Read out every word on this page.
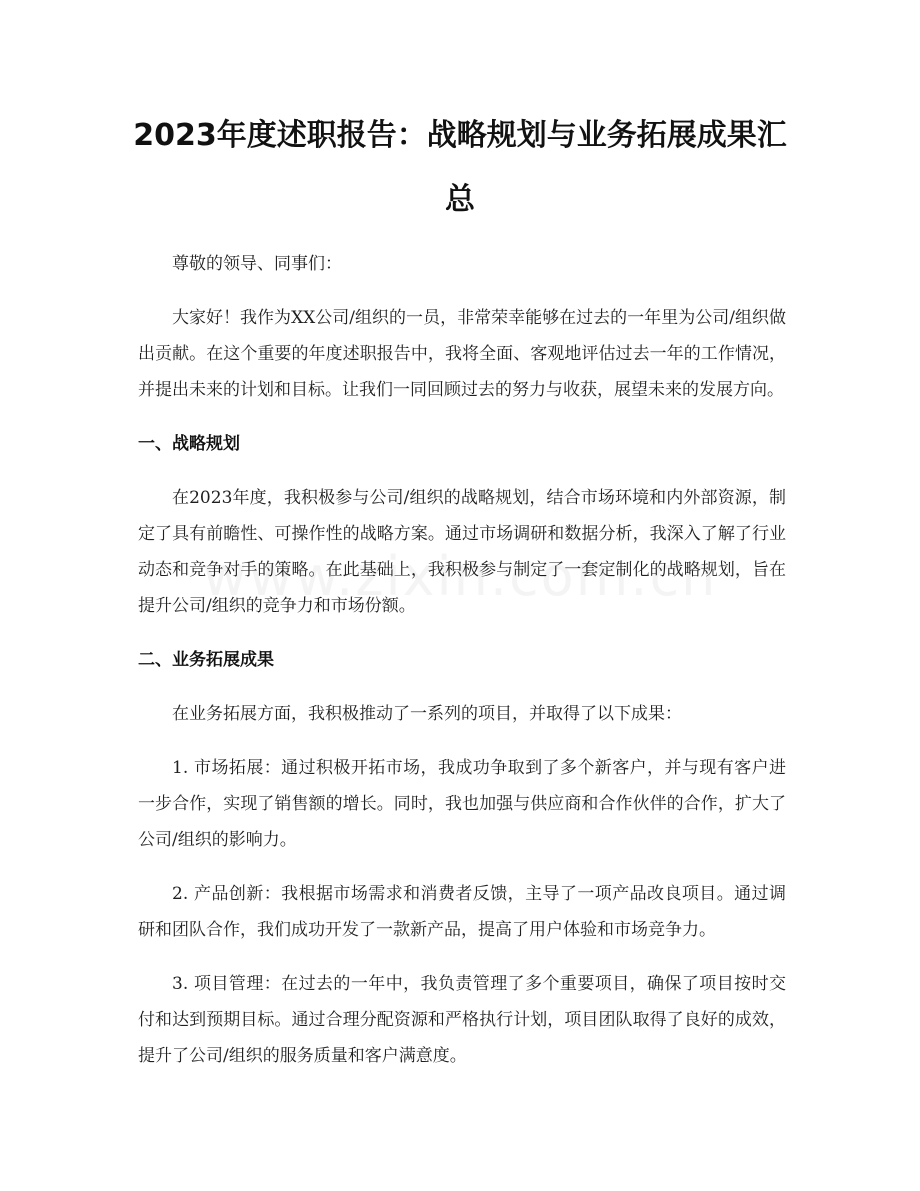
2023年度述职报告：战略规划与业务拓展成果汇总

尊敬的领导、同事们：

大家好！我作为XX公司/组织的一员，非常荣幸能够在过去的一年里为公司/组织做出贡献。在这个重要的年度述职报告中，我将全面、客观地评估过去一年的工作情况，并提出未来的计划和目标。让我们一同回顾过去的努力与收获，展望未来的发展方向。

一、战略规划

在2023年度，我积极参与公司/组织的战略规划，结合市场环境和内外部资源，制定了具有前瞻性、可操作性的战略方案。通过市场调研和数据分析，我深入了解了行业动态和竞争对手的策略。在此基础上，我积极参与制定了一套定制化的战略规划，旨在提升公司/组织的竞争力和市场份额。

二、业务拓展成果

在业务拓展方面，我积极推动了一系列的项目，并取得了以下成果：

1. 市场拓展：通过积极开拓市场，我成功争取到了多个新客户，并与现有客户进一步合作，实现了销售额的增长。同时，我也加强与供应商和合作伙伴的合作，扩大了公司/组织的影响力。

2. 产品创新：我根据市场需求和消费者反馈，主导了一项产品改良项目。通过调研和团队合作，我们成功开发了一款新产品，提高了用户体验和市场竞争力。

3. 项目管理：在过去的一年中，我负责管理了多个重要项目，确保了项目按时交付和达到预期目标。通过合理分配资源和严格执行计划，项目团队取得了良好的成效，提升了公司/组织的服务质量和客户满意度。
